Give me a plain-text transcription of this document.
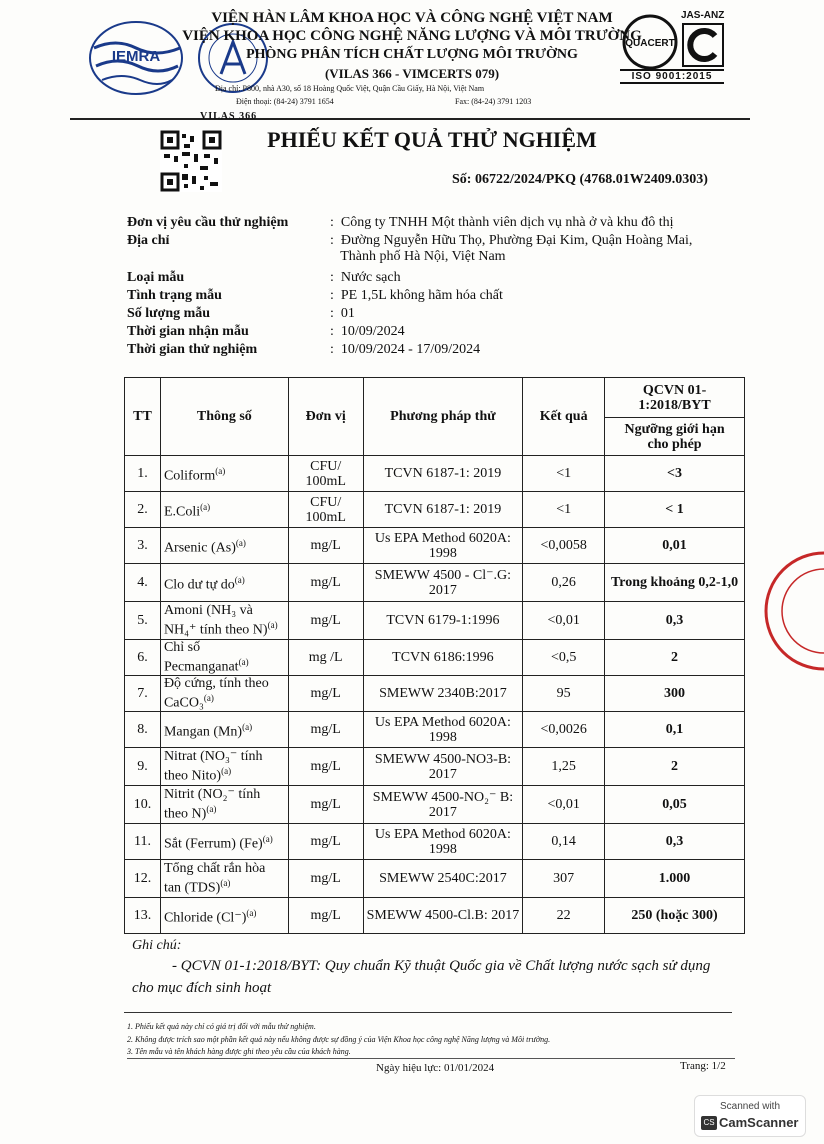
IEMRA
QUACERT
JAS-ANZ
ISO 9001:2015
VIỆN HÀN LÂM KHOA HỌC VÀ CÔNG NGHỆ VIỆT NAM
VIỆN KHOA HỌC CÔNG NGHỆ NĂNG LƯỢNG VÀ MÔI TRƯỜNG
PHÒNG PHÂN TÍCH CHẤT LƯỢNG MÔI TRƯỜNG
(VILAS 366 - VIMCERTS 079)
Địa chỉ: P800, nhà A30, số 18 Hoàng Quốc Việt, Quận Cầu Giấy, Hà Nội, Việt Nam
Điện thoại: (84-24) 3791 1654	Fax: (84-24) 3791 1203
VILAS 366
PHIẾU KẾT QUẢ THỬ NGHIỆM
Số: 06722/2024/PKQ (4768.01W2409.0303)
Đơn vị yêu cầu thử nghiệm	:  Công ty TNHH Một thành viên dịch vụ nhà ở và khu đô thị
Địa chỉ	:  Đường Nguyễn Hữu Thọ, Phường Đại Kim, Quận Hoàng Mai,
Thành phố Hà Nội, Việt Nam
Loại mẫu	:  Nước sạch
Tình trạng mẫu	:  PE 1,5L không hãm hóa chất
Số lượng mẫu	:  01
Thời gian nhận mẫu	:  10/09/2024
Thời gian thử nghiệm	:  10/09/2024 - 17/09/2024
TT	Thông số	Đơn vị	Phương pháp thử	Kết quả	QCVN 01-1:2018/BYT
					Ngưỡng giới hạn cho phép
1.	Coliform$^{(a)}$	CFU/ 100mL	TCVN 6187-1: 2019	<1	<3
2.	E.Coli$^{(a)}$	CFU/ 100mL	TCVN 6187-1: 2019	<1	< 1
3.	Arsenic $(As)^{(a)}$	mg/L	Us EPA Method 6020A: 1998	<0,0058	0,01
4.	Clo dư tự $do^{(a)}$	mg/L	SMEWW 4500 - Cl⁻.G: 2017	0,26	Trong khoảng 0,2-1,0
5.	Amoni (NH₃ và NH₄⁺ tính theo N)$^{(a)}$	mg/L	TCVN 6179-1:1996	<0,01	0,3
6.	Chỉ số Pecmanganat$^{(a)}$	mg /L	TCVN 6186:1996	<0,5	2
7.	Độ cứng, tính theo CaCO₃$^{(a)}$	mg/L	SMEWW 2340B:2017	95	300
8.	Mangan $(Mn)^{(a)}$	mg/L	Us EPA Method 6020A: 1998	<0,0026	0,1
9.	Nitrat (NO₃⁻ tính theo Nito)$^{(a)}$	mg/L	SMEWW 4500-NO3-B: 2017	1,25	2
10.	Nitrit (NO₂⁻ tính theo N)$^{(a)}$	mg/L	SMEWW 4500-NO₂⁻ B: 2017	<0,01	0,05
11.	Sắt (Ferrum) $(Fe)^{(a)}$	mg/L	Us EPA Method 6020A: 1998	0,14	0,3
12.	Tổng chất rắn hòa tan (TDS)$^{(a)}$	mg/L	SMEWW 2540C:2017	307	1.000
13.	Chloride $(Cl^-)^{(a)}$	mg/L	SMEWW 4500-Cl.B: 2017	22	250 (hoặc 300)
Ghi chú:
- QCVN 01-1:2018/BYT: Quy chuẩn Kỹ thuật Quốc gia về Chất lượng nước sạch sử dụng cho mục đích sinh hoạt
1. Phiếu kết quả này chỉ có giá trị đối với mẫu thử nghiệm.
2. Không được trích sao một phần kết quả này nếu không được sự đồng ý của Viện Khoa học công nghệ Năng lượng và Môi trường.
3. Tên mẫu và tên khách hàng được ghi theo yêu cầu của khách hàng.
Ngày hiệu lực: 01/01/2024	Trang: 1/2
Scanned with
CS CamScanner
